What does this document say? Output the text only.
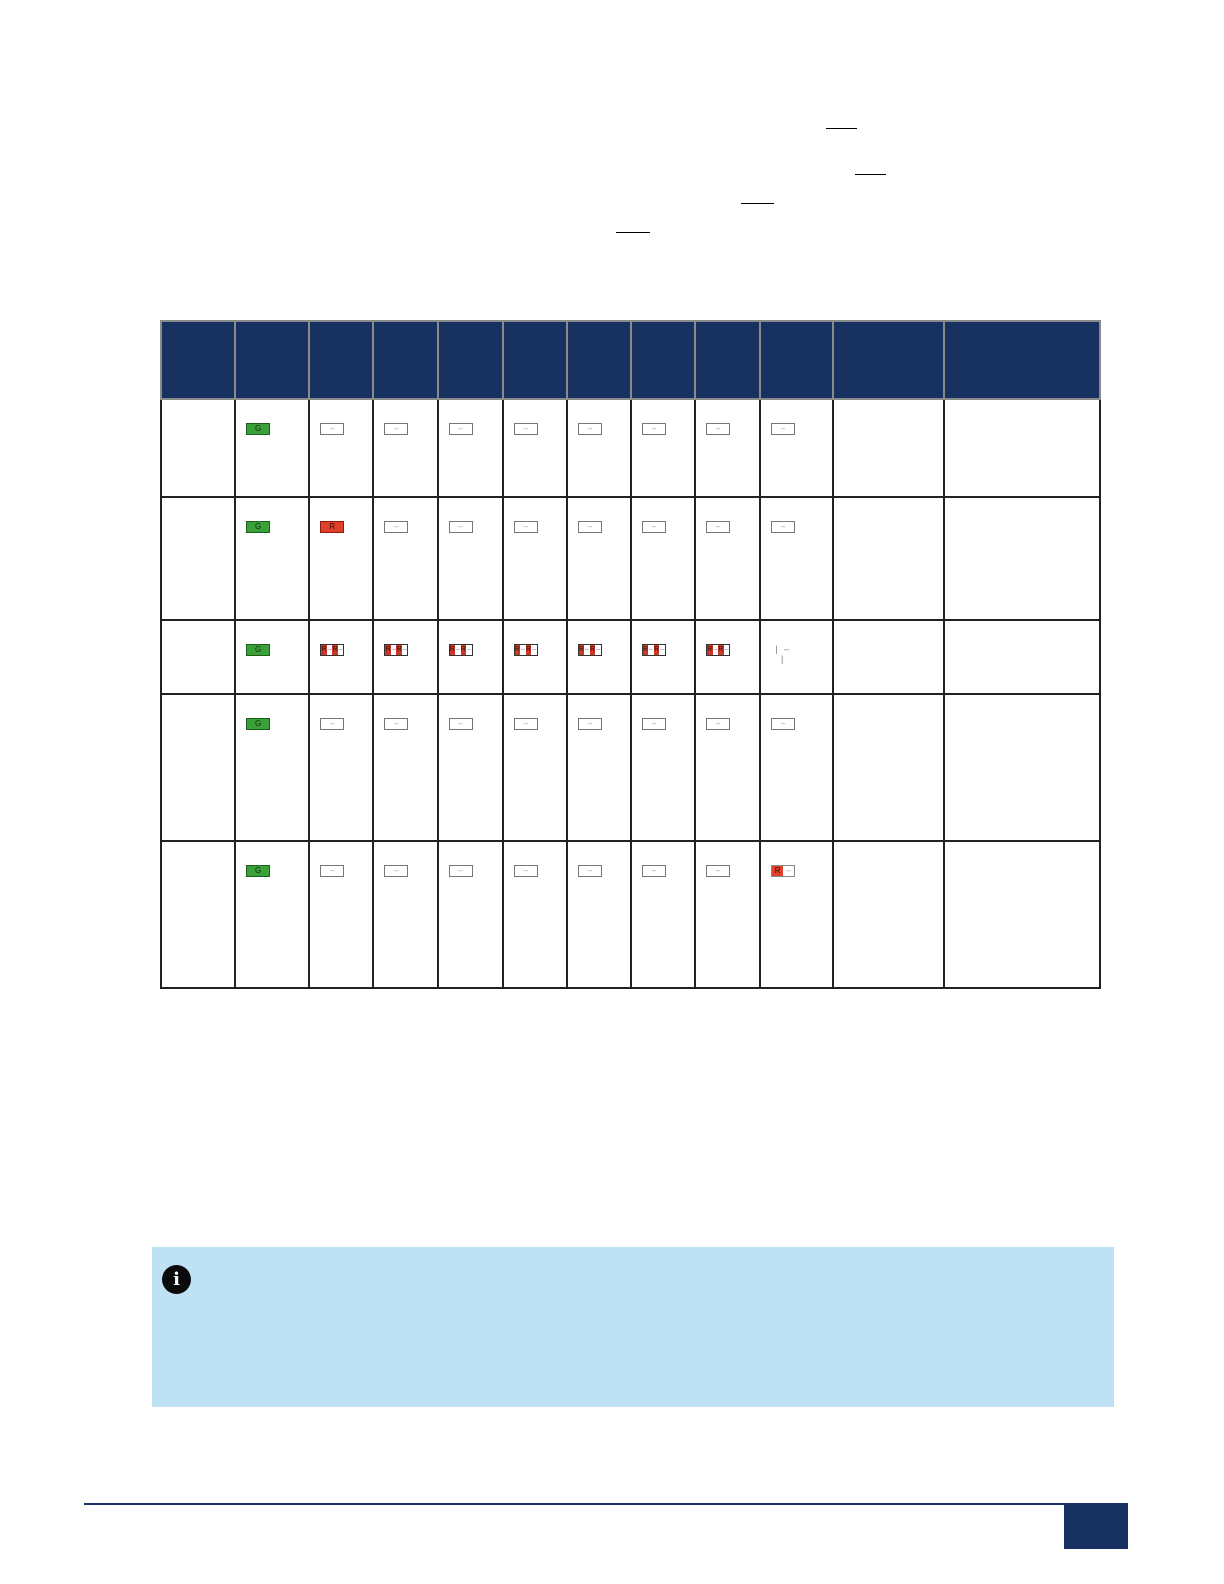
	G	–	–	–	–	–	–	–	–		

	G	R	–	–	–	–	–	–	–		

	G	R – R –	R – R –	R – R –	R – R –	R – R –	R – R –	R – R –	| – |		

	G	–	–	–	–	–	–	–	–		

	G	–	–	–	–	–	–	–	R –		

i
